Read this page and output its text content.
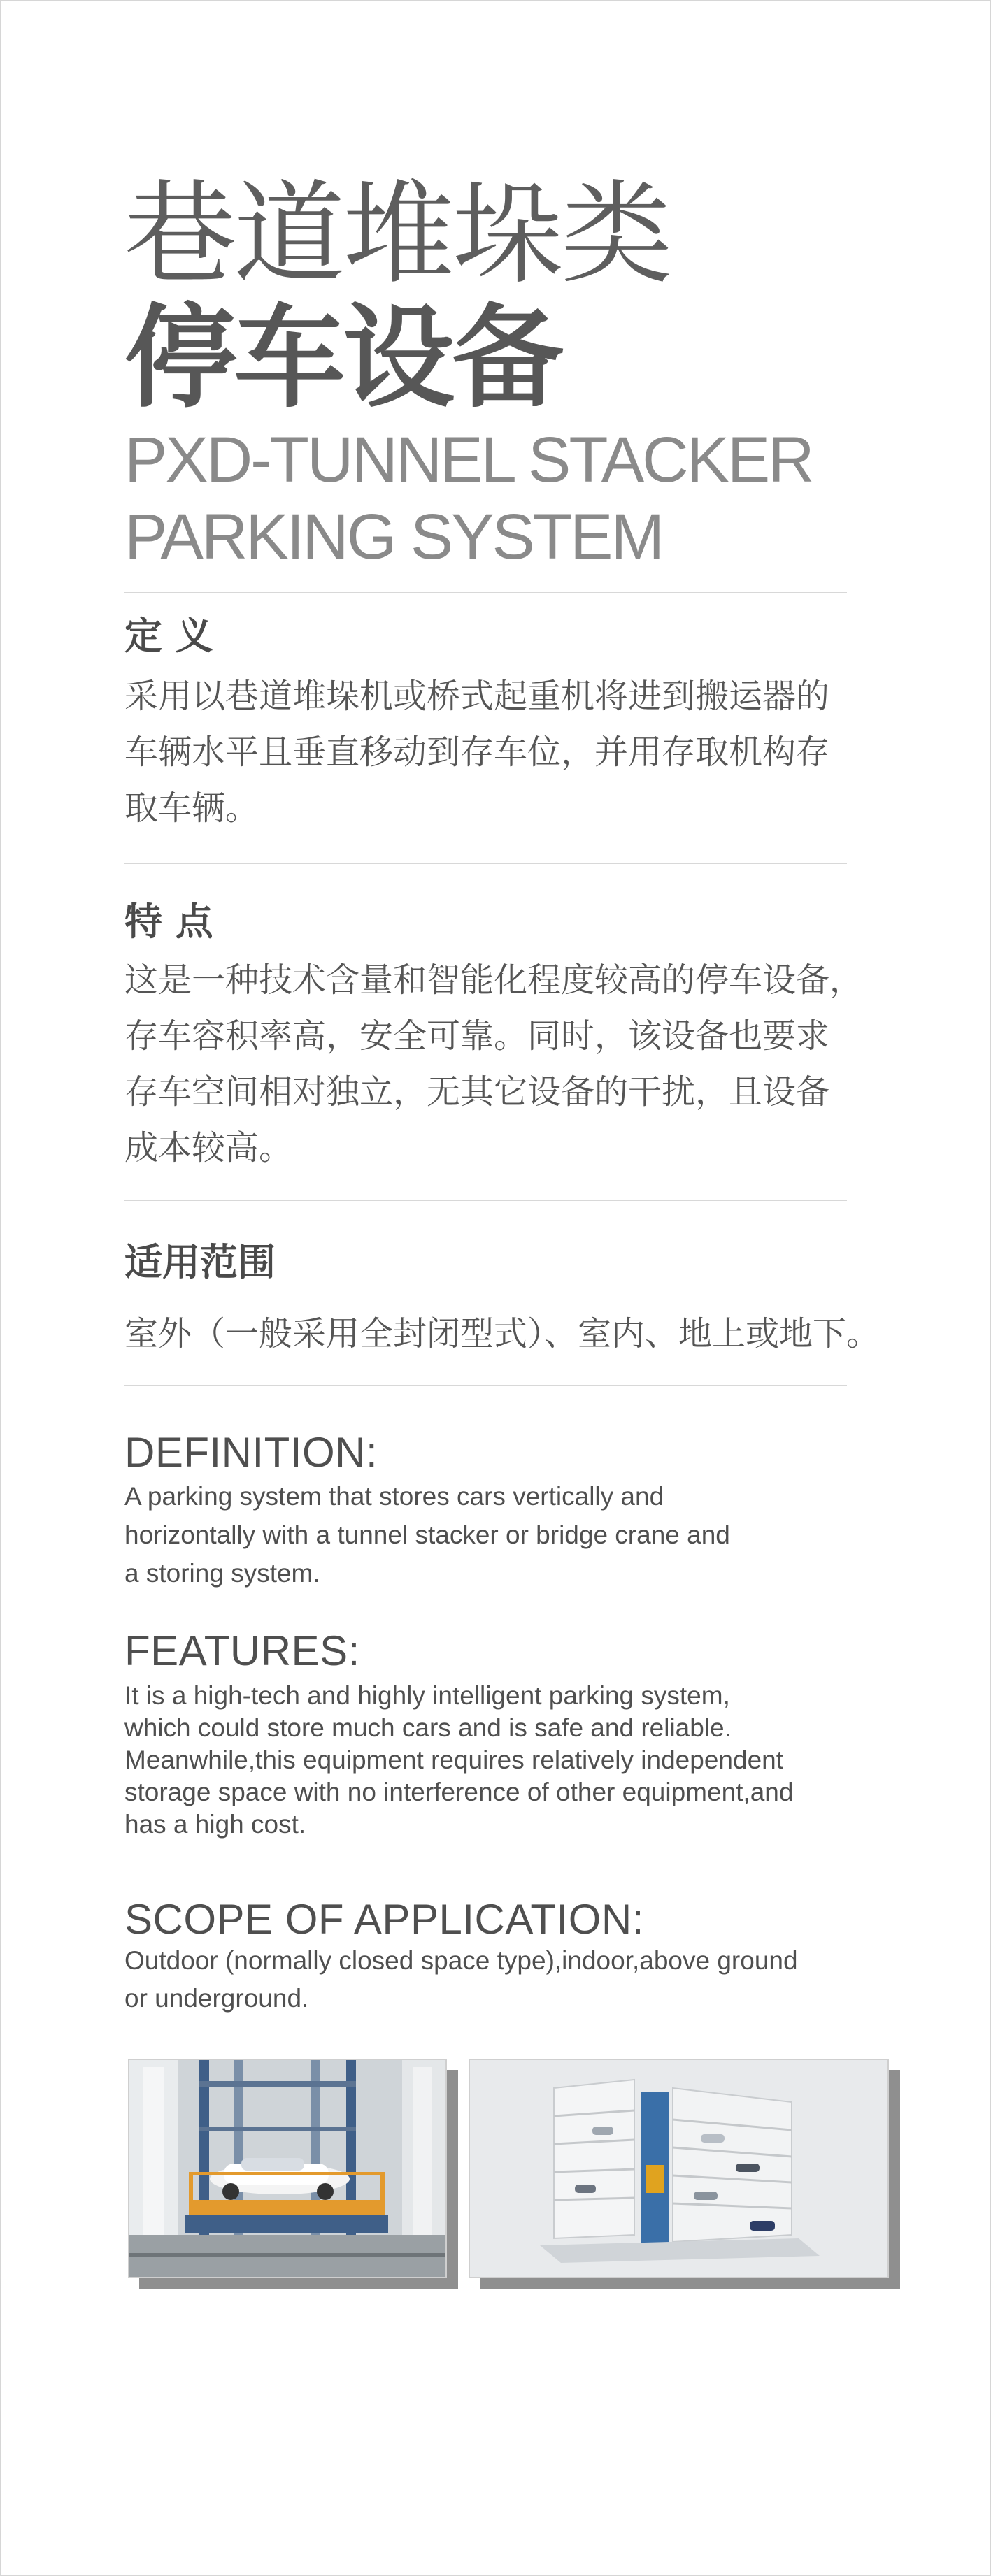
巷道堆垛类
停车设备
PXD-TUNNEL STACKER
PARKING SYSTEM
定 义
采用以巷道堆垛机或桥式起重机将进到搬运器的
车辆水平且垂直移动到存车位，并用存取机构存
取车辆。
特 点
这是一种技术含量和智能化程度较高的停车设备，
存车容积率高，安全可靠。同时，该设备也要求
存车空间相对独立，无其它设备的干扰，且设备
成本较高。
适用范围
室外（一般采用全封闭型式）、室内、地上或地下。
DEFINITION:
A parking system that stores cars vertically and
horizontally with a tunnel stacker or bridge crane and
a storing system.
FEATURES:
It is a high-tech and highly intelligent parking system,
which could store much cars and is safe and reliable.
Meanwhile,this equipment requires relatively independent
storage space with no interference of other equipment,and
has a high cost.
SCOPE OF APPLICATION:
Outdoor (normally closed space type),indoor,above ground
or underground.
